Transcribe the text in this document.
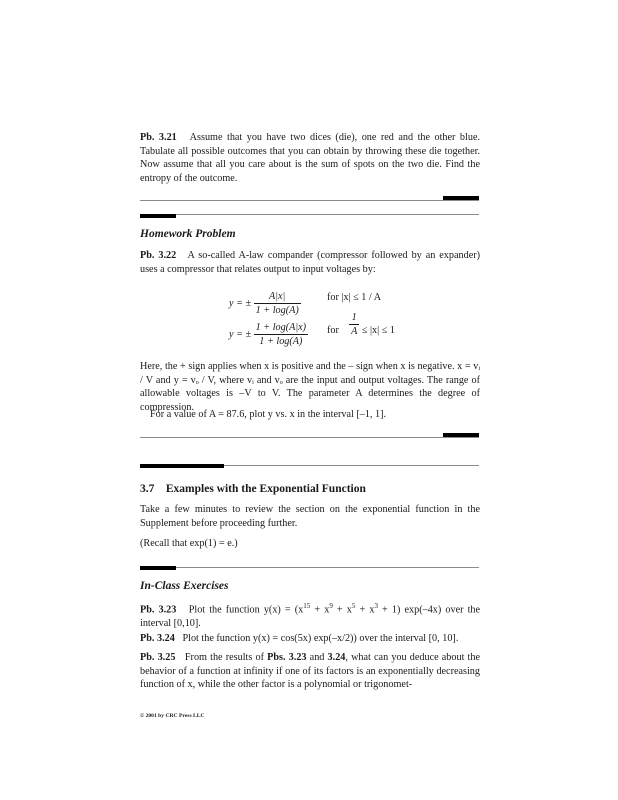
Pb. 3.21 Assume that you have two dices (die), one red and the other blue. Tabulate all possible outcomes that you can obtain by throwing these die together. Now assume that all you care about is the sum of spots on the two die. Find the entropy of the outcome.
Homework Problem
Pb. 3.22 A so-called A-law compander (compressor followed by an expander) uses a compressor that relates output to input voltages by:
y = ± $\frac{A|x|}{1 + \log(A)}$	for |x| ≤ 1 / A
y = ± $\frac{1 + \log(A|x)}{1 + \log(A)}$ for $\frac{1}{A} \le |x| \le 1$
Here, the + sign applies when x is positive and the – sign when x is negative. x = vᵢ / V and y = vₒ / V, where vᵢ and vₒ are the input and output voltages. The range of allowable voltages is –V to V. The parameter A determines the degree of compression.
For a value of A = 87.6, plot y vs. x in the interval [–1, 1].
3.7 Examples with the Exponential Function
Take a few minutes to review the section on the exponential function in the Supplement before proceeding further.
(Recall that exp(1) = e.)
In-Class Exercises
Pb. 3.23 Plot the function $y(x) = (x^{15} + x^9 + x^5 + x^3 + 1)$ exp(–4x) over the interval [0,10].
Pb. 3.24 Plot the function y(x) = cos(5x) exp(–x/2)) over the interval [0, 10].
Pb. 3.25 From the results of Pbs. 3.23 and 3.24, what can you deduce about the behavior of a function at infinity if one of its factors is an exponentially decreasing function of x, while the other factor is a polynomial or trigonomet-
© 2001 by CRC Press LLC
